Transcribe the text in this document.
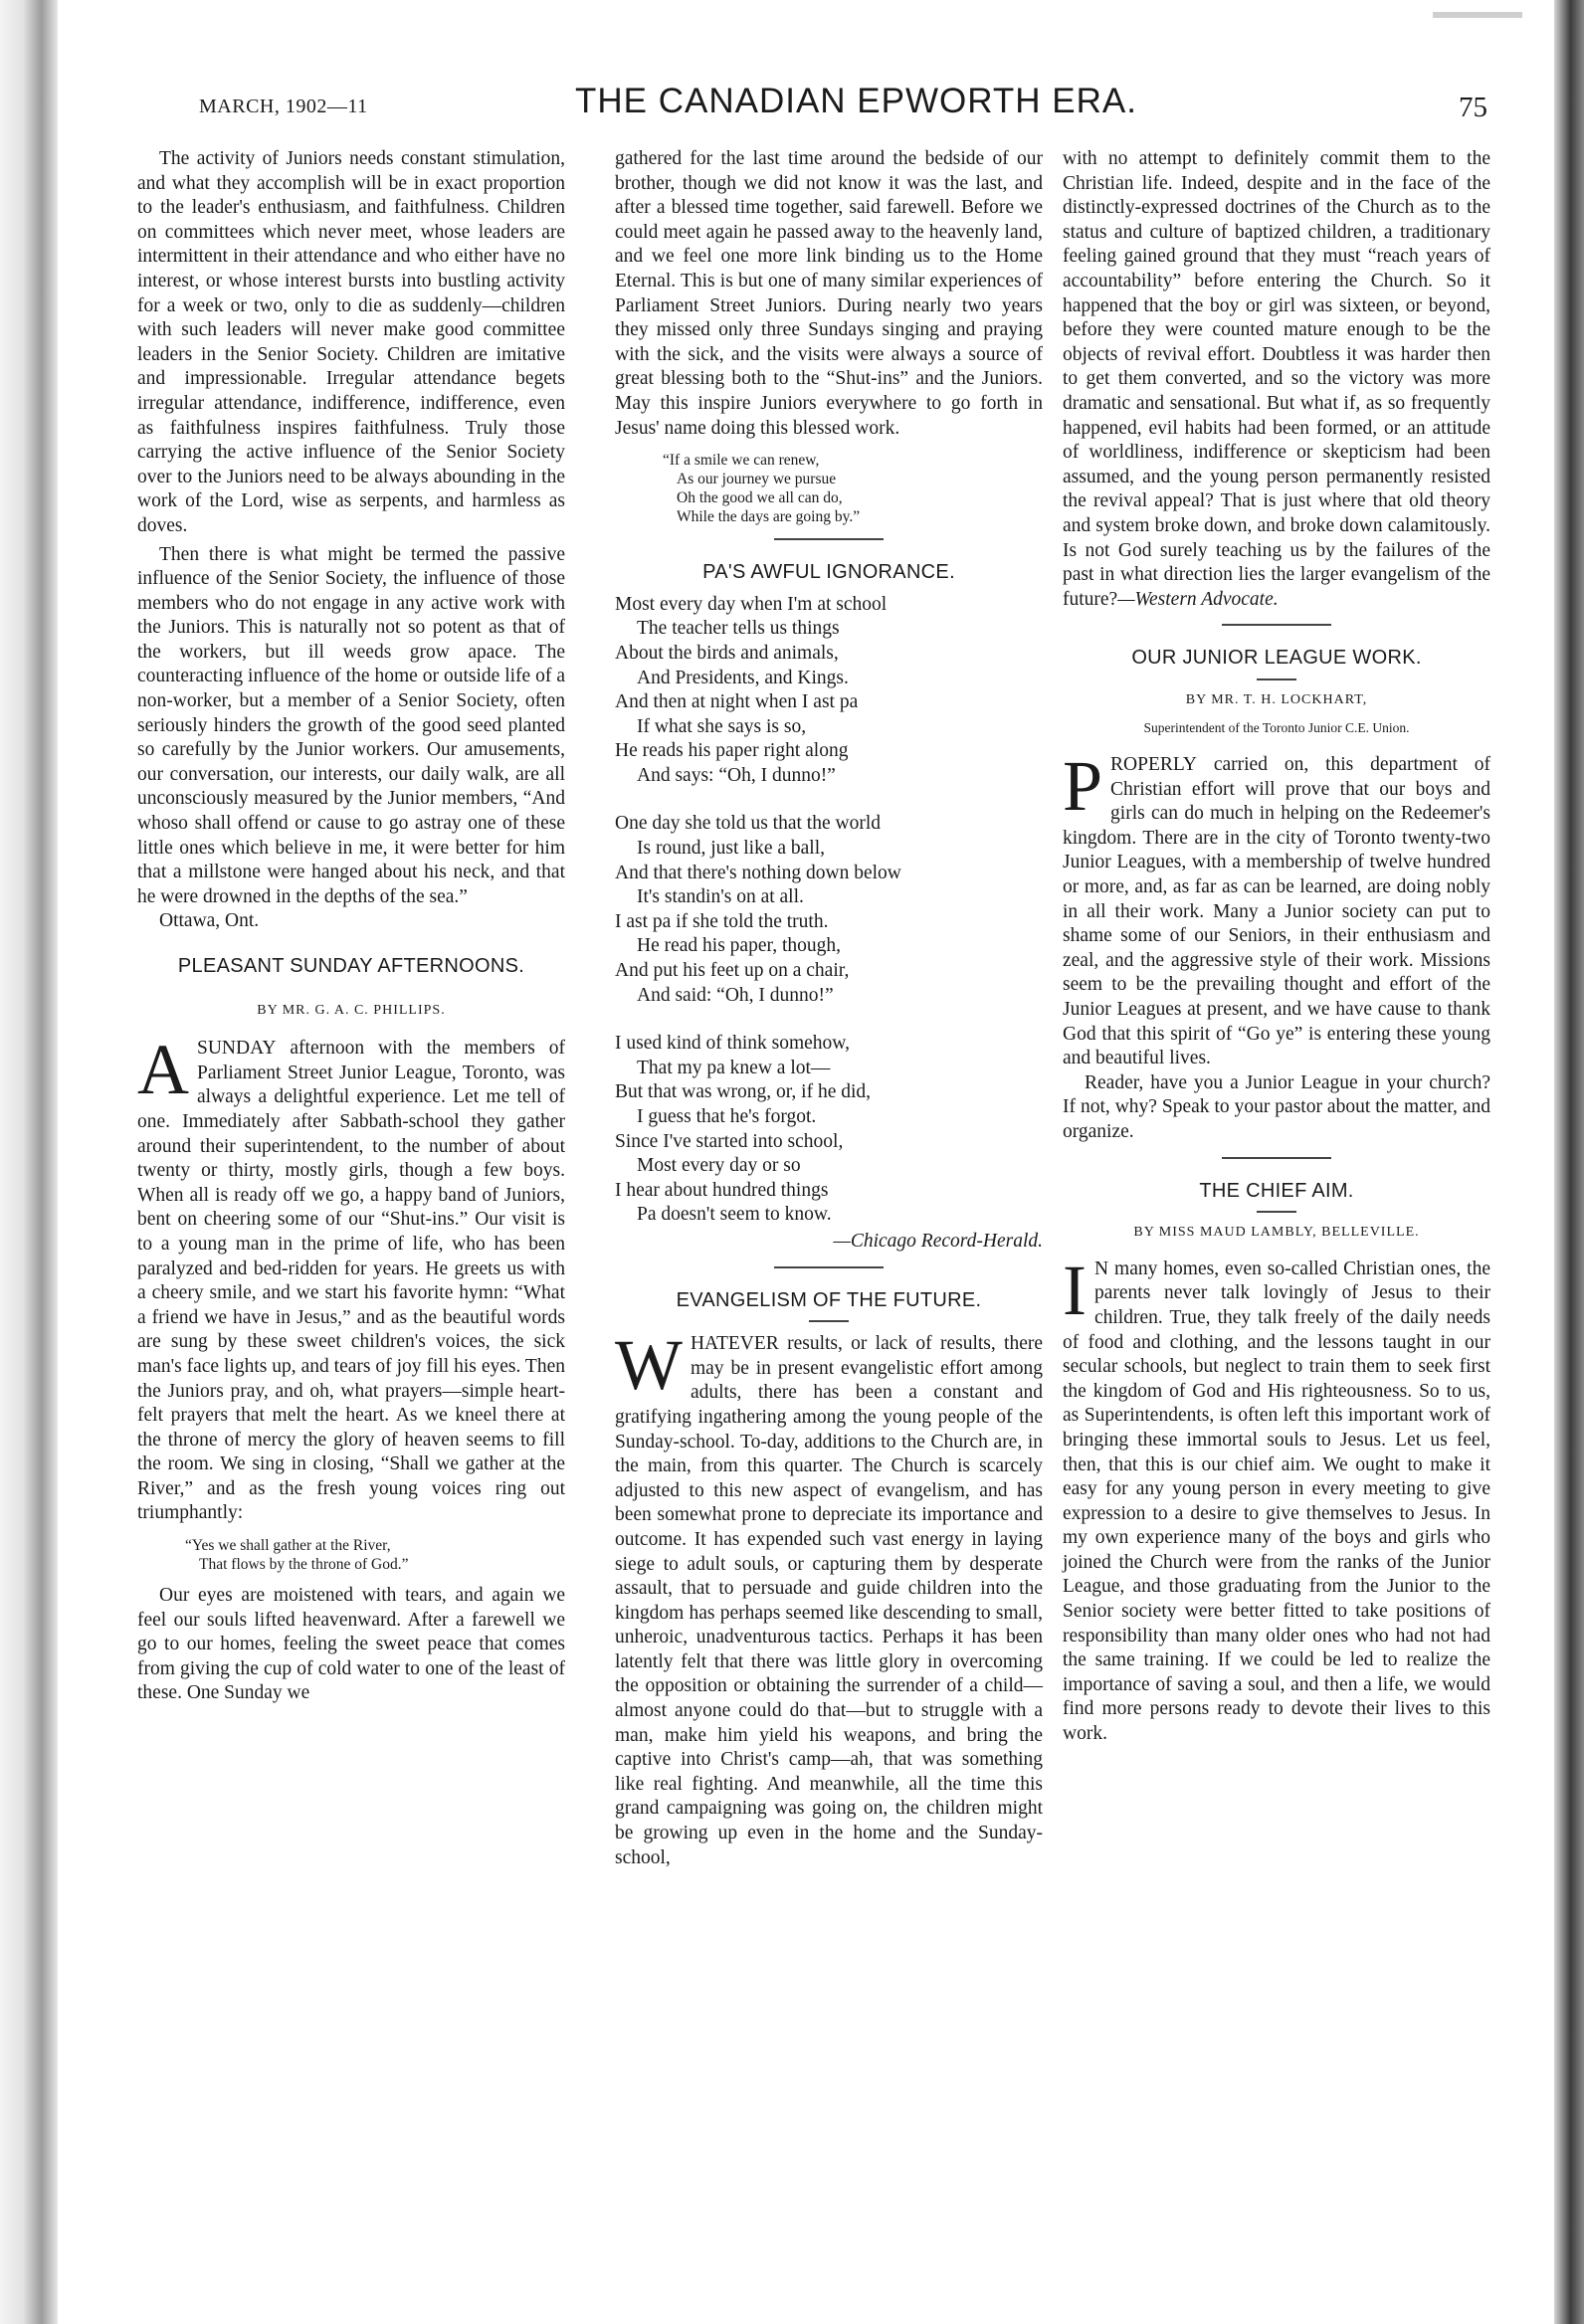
MARCH, 1902—11	THE CANADIAN EPWORTH ERA.	75

The activity of Juniors needs constant stimulation, and what they accomplish will be in exact proportion to the leader's enthusiasm, and faithfulness. Children on committees which never meet, whose leaders are intermittent in their attendance and who either have no interest, or whose interest bursts into bustling activity for a week or two, only to die as suddenly—children with such leaders will never make good committee leaders in the Senior Society. Children are imitative and impressionable. Irregular attendance begets irregular attendance, indifference, indifference, even as faithfulness inspires faithfulness. Truly those carrying the active influence of the Senior Society over to the Juniors need to be always abounding in the work of the Lord, wise as serpents, and harmless as doves.

Then there is what might be termed the passive influence of the Senior Society, the influence of those members who do not engage in any active work with the Juniors. This is naturally not so potent as that of the workers, but ill weeds grow apace. The counteracting influence of the home or outside life of a non-worker, but a member of a Senior Society, often seriously hinders the growth of the good seed planted so carefully by the Junior workers. Our amusements, our conversation, our interests, our daily walk, are all unconsciously measured by the Junior members, “And whoso shall offend or cause to go astray one of these little ones which believe in me, it were better for him that a millstone were hanged about his neck, and that he were drowned in the depths of the sea.”

Ottawa, Ont.

PLEASANT SUNDAY AFTERNOONS.
BY MR. G. A. C. PHILLIPS.

ASUNDAY afternoon with the members of Parliament Street Junior League, Toronto, was always a delightful experience. Let me tell of one. Immediately after Sabbath-school they gather around their superintendent, to the number of about twenty or thirty, mostly girls, though a few boys. When all is ready off we go, a happy band of Juniors, bent on cheering some of our “Shut-ins.” Our visit is to a young man in the prime of life, who has been paralyzed and bed-ridden for years. He greets us with a cheery smile, and we start his favorite hymn: “What a friend we have in Jesus,” and as the beautiful words are sung by these sweet children's voices, the sick man's face lights up, and tears of joy fill his eyes. Then the Juniors pray, and oh, what prayers—simple heart-felt prayers that melt the heart. As we kneel there at the throne of mercy the glory of heaven seems to fill the room. We sing in closing, “Shall we gather at the River,” and as the fresh young voices ring out triumphantly:

“Yes we shall gather at the River,
That flows by the throne of God.”

Our eyes are moistened with tears, and again we feel our souls lifted heavenward. After a farewell we go to our homes, feeling the sweet peace that comes from giving the cup of cold water to one of the least of these. One Sunday we

gathered for the last time around the bedside of our brother, though we did not know it was the last, and after a blessed time together, said farewell. Before we could meet again he passed away to the heavenly land, and we feel one more link binding us to the Home Eternal. This is but one of many similar experiences of Parliament Street Juniors. During nearly two years they missed only three Sundays singing and praying with the sick, and the visits were always a source of great blessing both to the “Shut-ins” and the Juniors. May this inspire Juniors everywhere to go forth in Jesus' name doing this blessed work.

“If a smile we can renew,
As our journey we pursue
Oh the good we all can do,
While the days are going by.”
PA'S AWFUL IGNORANCE.
Most every day when I'm at school
The teacher tells us things
About the birds and animals,
And Presidents, and Kings.
And then at night when I ast pa
If what she says is so,
He reads his paper right along
And says: “Oh, I dunno!”
One day she told us that the world
Is round, just like a ball,
And that there's nothing down below
It's standin's on at all.
I ast pa if she told the truth.
He read his paper, though,
And put his feet up on a chair,
And said: “Oh, I dunno!”
I used kind of think somehow,
That my pa knew a lot—
But that was wrong, or, if he did,
I guess that he's forgot.
Since I've started into school,
Most every day or so
I hear about hundred things
Pa doesn't seem to know.
—Chicago Record-Herald.
EVANGELISM OF THE FUTURE.

WHATEVER results, or lack of results, there may be in present evangelistic effort among adults, there has been a constant and gratifying ingathering among the young people of the Sunday-school. To-day, additions to the Church are, in the main, from this quarter. The Church is scarcely adjusted to this new aspect of evangelism, and has been somewhat prone to depreciate its importance and outcome. It has expended such vast energy in laying siege to adult souls, or capturing them by desperate assault, that to persuade and guide children into the kingdom has perhaps seemed like descending to small, unheroic, unadventurous tactics. Perhaps it has been latently felt that there was little glory in overcoming the opposition or obtaining the surrender of a child—almost anyone could do that—but to struggle with a man, make him yield his weapons, and bring the captive into Christ's camp—ah, that was something like real fighting. And meanwhile, all the time this grand campaigning was going on, the children might be growing up even in the home and the Sunday-school,

with no attempt to definitely commit them to the Christian life. Indeed, despite and in the face of the distinctly-expressed doctrines of the Church as to the status and culture of baptized children, a traditionary feeling gained ground that they must “reach years of accountability” before entering the Church. So it happened that the boy or girl was sixteen, or beyond, before they were counted mature enough to be the objects of revival effort. Doubtless it was harder then to get them converted, and so the victory was more dramatic and sensational. But what if, as so frequently happened, evil habits had been formed, or an attitude of worldliness, indifference or skepticism had been assumed, and the young person permanently resisted the revival appeal? That is just where that old theory and system broke down, and broke down calamitously. Is not God surely teaching us by the failures of the past in what direction lies the larger evangelism of the future?—Western Advocate.

OUR JUNIOR LEAGUE WORK.
BY MR. T. H. LOCKHART,
Superintendent of the Toronto Junior C.E. Union.

PROPERLY carried on, this department of Christian effort will prove that our boys and girls can do much in helping on the Redeemer's kingdom. There are in the city of Toronto twenty-two Junior Leagues, with a membership of twelve hundred or more, and, as far as can be learned, are doing nobly in all their work. Many a Junior society can put to shame some of our Seniors, in their enthusiasm and zeal, and the aggressive style of their work. Missions seem to be the prevailing thought and effort of the Junior Leagues at present, and we have cause to thank God that this spirit of “Go ye” is entering these young and beautiful lives.

Reader, have you a Junior League in your church? If not, why? Speak to your pastor about the matter, and organize.

THE CHIEF AIM.
BY MISS MAUD LAMBLY, BELLEVILLE.

I N many homes, even so-called Christian ones, the parents never talk lovingly of Jesus to their children. True, they talk freely of the daily needs of food and clothing, and the lessons taught in our secular schools, but neglect to train them to seek first the kingdom of God and His righteousness. So to us, as Superintendents, is often left this important work of bringing these immortal souls to Jesus. Let us feel, then, that this is our chief aim. We ought to make it easy for any young person in every meeting to give expression to a desire to give themselves to Jesus. In my own experience many of the boys and girls who joined the Church were from the ranks of the Junior League, and those graduating from the Junior to the Senior society were better fitted to take positions of responsibility than many older ones who had not had the same training. If we could be led to realize the importance of saving a soul, and then a life, we would find more persons ready to devote their lives to this work.
